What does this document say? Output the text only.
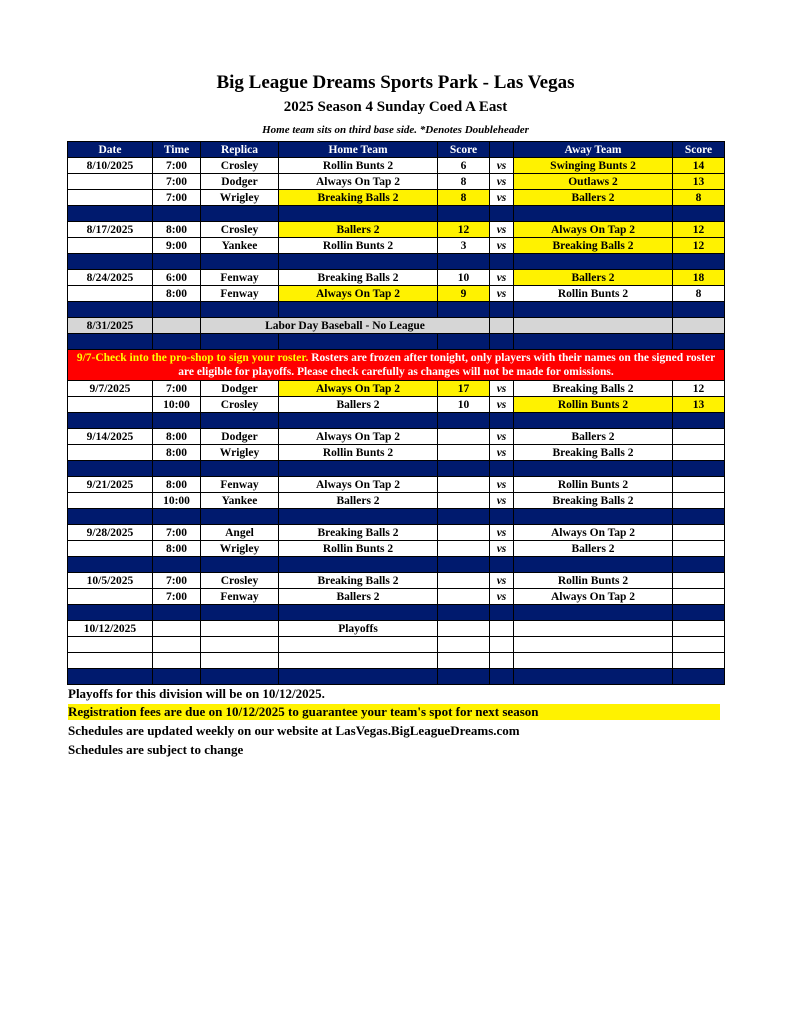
Big League Dreams Sports Park - Las Vegas
2025 Season 4 Sunday Coed A East
Home team sits on third base side. *Denotes Doubleheader
Date	Time	Replica	Home Team	Score		Away Team	Score
8/10/2025	7:00	Crosley	Rollin Bunts 2	6	vs	Swinging Bunts 2	14
	7:00	Dodger	Always On Tap 2	8	vs	Outlaws 2	13
	7:00	Wrigley	Breaking Balls 2	8	vs	Ballers 2	8

8/17/2025	8:00	Crosley	Ballers 2	12	vs	Always On Tap 2	12
	9:00	Yankee	Rollin Bunts 2	3	vs	Breaking Balls 2	12

8/24/2025	6:00	Fenway	Breaking Balls 2	10	vs	Ballers 2	18
	8:00	Fenway	Always On Tap 2	9	vs	Rollin Bunts 2	8

8/31/2025		Labor Day Baseball - No League					

9/7-Check into the pro-shop to sign your roster. Rosters are frozen after tonight, only players with their names on the signed roster are eligible for playoffs. Please check carefully as changes will not be made for omissions.							
9/7/2025	7:00	Dodger	Always On Tap 2	17	vs	Breaking Balls 2	12
	10:00	Crosley	Ballers 2	10	vs	Rollin Bunts 2	13

9/14/2025	8:00	Dodger	Always On Tap 2		vs	Ballers 2	
	8:00	Wrigley	Rollin Bunts 2		vs	Breaking Balls 2	

9/21/2025	8:00	Fenway	Always On Tap 2		vs	Rollin Bunts 2	
	10:00	Yankee	Ballers 2		vs	Breaking Balls 2	

9/28/2025	7:00	Angel	Breaking Balls 2		vs	Always On Tap 2	
	8:00	Wrigley	Rollin Bunts 2		vs	Ballers 2	

10/5/2025	7:00	Crosley	Breaking Balls 2		vs	Rollin Bunts 2	
	7:00	Fenway	Ballers 2		vs	Always On Tap 2	

10/12/2025			Playoffs				

Playoffs for this division will be on 10/12/2025.
Registration fees are due on 10/12/2025 to guarantee your team's spot for next season
Schedules are updated weekly on our website at LasVegas.BigLeagueDreams.com
Schedules are subject to change
